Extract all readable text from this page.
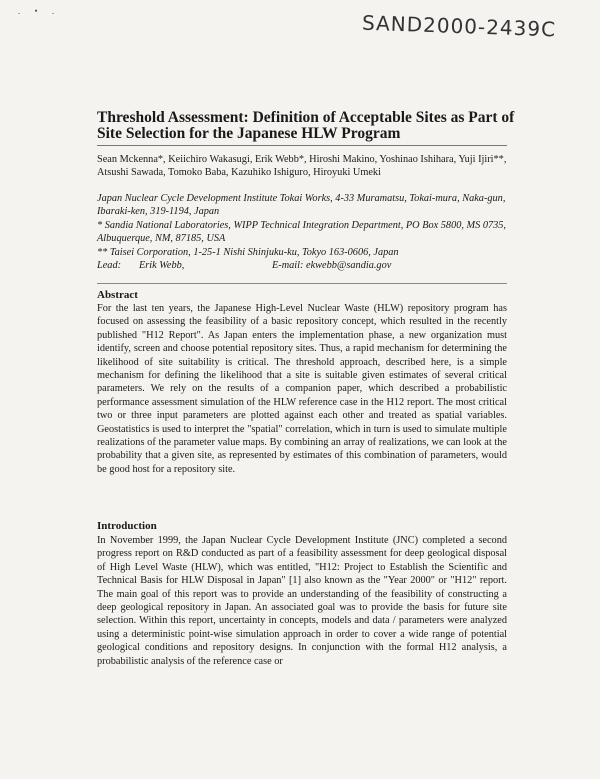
. • .	SAND2000-2439C
Threshold Assessment: Definition of Acceptable Sites as Part of Site Selection for the Japanese HLW Program

Sean Mckenna*, Keiichiro Wakasugi, Erik Webb*, Hiroshi Makino, Yoshinao Ishihara, Yuji Ijiri**, Atsushi Sawada, Tomoko Baba, Kazuhiko Ishiguro, Hiroyuki Umeki

Japan Nuclear Cycle Development Institute Tokai Works, 4-33 Muramatsu, Tokai-mura, Naka-gun, Ibaraki-ken, 319-1194, Japan

* Sandia National Laboratories, WIPP Technical Integration Department, PO Box 5800, MS 0735, Albuquerque, NM, 87185, USA

** Taisei Corporation, 1-25-1 Nishi Shinjuku-ku, Tokyo 163-0606, Japan

Lead:	Erik Webb,	E-mail:
ekwebb@sandia.gov
Abstract

For the last ten years, the Japanese High-Level Nuclear Waste (HLW) repository program has focused on assessing the feasibility of a basic repository concept, which resulted in the recently published "H12 Report". As Japan enters the implementation phase, a new organization must identify, screen and choose potential repository sites. Thus, a rapid mechanism for determining the likelihood of site suitability is critical. The threshold approach, described here, is a simple mechanism for defining the likelihood that a site is suitable given estimates of several critical parameters. We rely on the results of a companion paper, which described a probabilistic performance assessment simulation of the HLW reference case in the H12 report. The most critical two or three input parameters are plotted against each other and treated as spatial variables. Geostatistics is used to interpret the "spatial" correlation, which in turn is used to simulate multiple realizations of the parameter value maps. By combining an array of realizations, we can look at the probability that a given site, as represented by estimates of this combination of parameters, would be good host for a repository site.

Introduction

In November 1999, the Japan Nuclear Cycle Development Institute (JNC) completed a second progress report on R&D conducted as part of a feasibility assessment for deep geological disposal of High Level Waste (HLW), which was entitled, "H12: Project to Establish the Scientific and Technical Basis for HLW Disposal in Japan" [1] also known as the "Year 2000" or "H12" report. The main goal of this report was to provide an understanding of the feasibility of constructing a deep geological repository in Japan. An associated goal was to provide the basis for future site selection. Within this report, uncertainty in concepts, models and data / parameters were analyzed using a deterministic point-wise simulation approach in order to cover a wide range of potential geological conditions and repository designs. In conjunction with the formal H12 analysis, a probabilistic analysis of the reference case or
